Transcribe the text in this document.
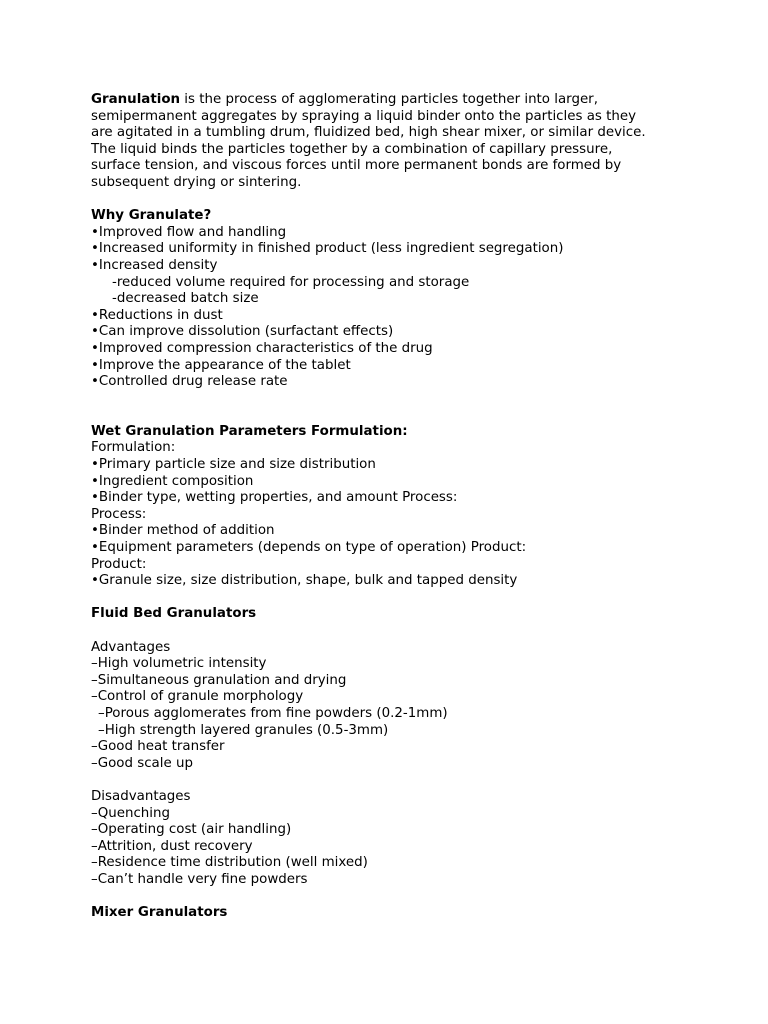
Granulation is the process of agglomerating particles together into larger,

semipermanent aggregates by spraying a liquid binder onto the particles as they

are agitated in a tumbling drum, fluidized bed, high shear mixer, or similar device.

The liquid binds the particles together by a combination of capillary pressure,

surface tension, and viscous forces until more permanent bonds are formed by

subsequent drying or sintering.

Why Granulate?

•Improved flow and handling

•Increased uniformity in finished product (less ingredient segregation)

•Increased density

-reduced volume required for processing and storage

-decreased batch size

•Reductions in dust

•Can improve dissolution (surfactant effects)

•Improved compression characteristics of the drug

•Improve the appearance of the tablet

•Controlled drug release rate

Wet Granulation Parameters Formulation:

Formulation:

•Primary particle size and size distribution

•Ingredient composition

•Binder type, wetting properties, and amount Process:

Process:

•Binder method of addition

•Equipment parameters (depends on type of operation) Product:

Product:

•Granule size, size distribution, shape, bulk and tapped density

Fluid Bed Granulators

Advantages

–High volumetric intensity

–Simultaneous granulation and drying

–Control of granule morphology

–Porous agglomerates from fine powders (0.2-1mm)

–High strength layered granules (0.5-3mm)

–Good heat transfer

–Good scale up

Disadvantages

–Quenching

–Operating cost (air handling)

–Attrition, dust recovery

–Residence time distribution (well mixed)

–Can’t handle very fine powders

Mixer Granulators
